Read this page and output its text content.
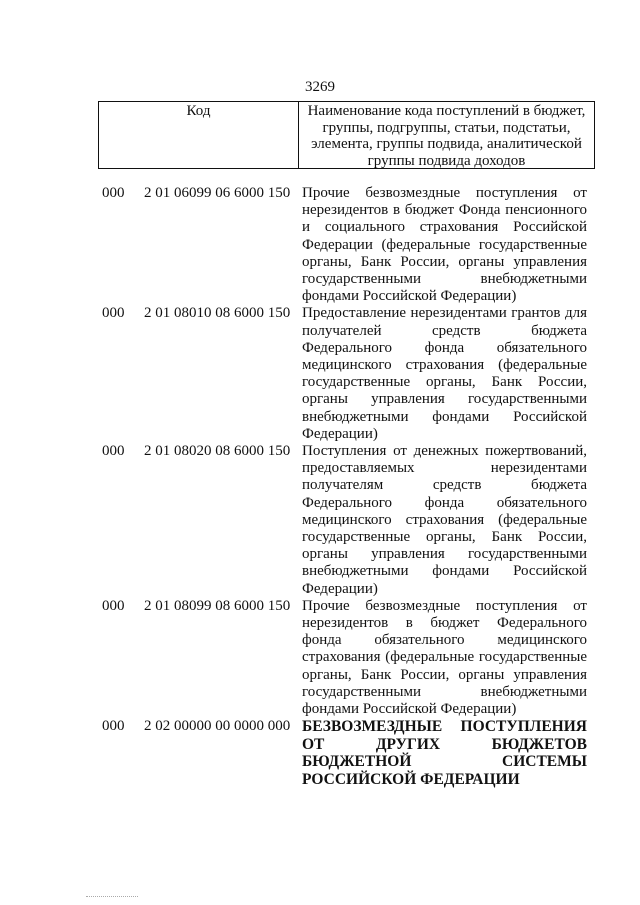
3269
Код	Наименование кода поступлений в бюджет, группы, подгруппы, статьи, подстатьи, элемента, группы подвида, аналитической группы подвида доходов
000 2 01 06099 06 6000 150 Прочие безвозмездные поступления от нерезидентов в бюджет Фонда пенсионного и социального страхования Российской Федерации (федеральные государственные органы, Банк России, органы управления государственными внебюджетными фондами Российской Федерации)
000 2 01 08010 08 6000 150 Предоставление нерезидентами грантов для получателей средств бюджета Федерального фонда обязательного медицинского страхования (федеральные государственные органы, Банк России, органы управления государственными внебюджетными фондами Российской Федерации)
000 2 01 08020 08 6000 150 Поступления от денежных пожертвований, предоставляемых нерезидентами получателям средств бюджета Федерального фонда обязательного медицинского страхования (федеральные государственные органы, Банк России, органы управления государственными внебюджетными фондами Российской Федерации)
000 2 01 08099 08 6000 150 Прочие безвозмездные поступления от нерезидентов в бюджет Федерального фонда обязательного медицинского страхования (федеральные государственные органы, Банк России, органы управления государственными внебюджетными фондами Российской Федерации)
000 2 02 00000 00 0000 000 БЕЗВОЗМЕЗДНЫЕ ПОСТУПЛЕНИЯ ОТ ДРУГИХ БЮДЖЕТОВ БЮДЖЕТНОЙ СИСТЕМЫ РОССИЙСКОЙ ФЕДЕРАЦИИ
